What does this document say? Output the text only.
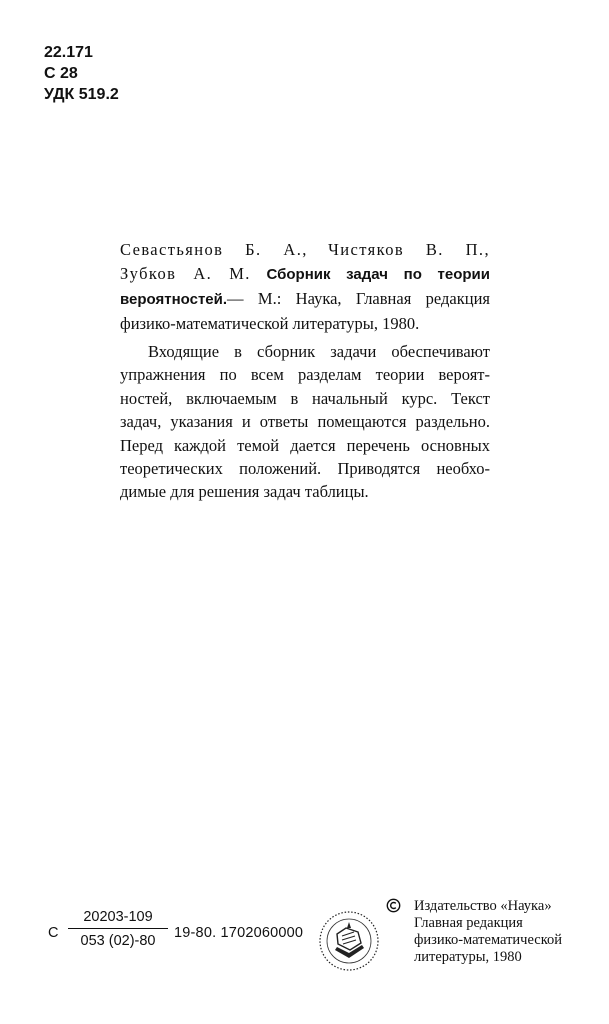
22.171
С 28
УДК 519.2
Севастьянов Б. А., Чистяков В. П.,
Зубков А. М. Сборник задач по теории
вероятностей.— М.: Наука, Главная редакция
физико-математической литературы, 1980.
Входящие в сборник задачи обеспечивают
упражнения по всем разделам теории вероят-
ностей, включаемым в начальный курс. Текст
задач, указания и ответы помещаются раздельно.
Перед каждой темой дается перечень основных
теоретических положений. Приводятся необхо-
димые для решения задач таблицы.
С
20203-109
053 (02)-80	19-80. 1702060000
Издательство «Наука»
Главная редакция
физико-математической
литературы, 1980
